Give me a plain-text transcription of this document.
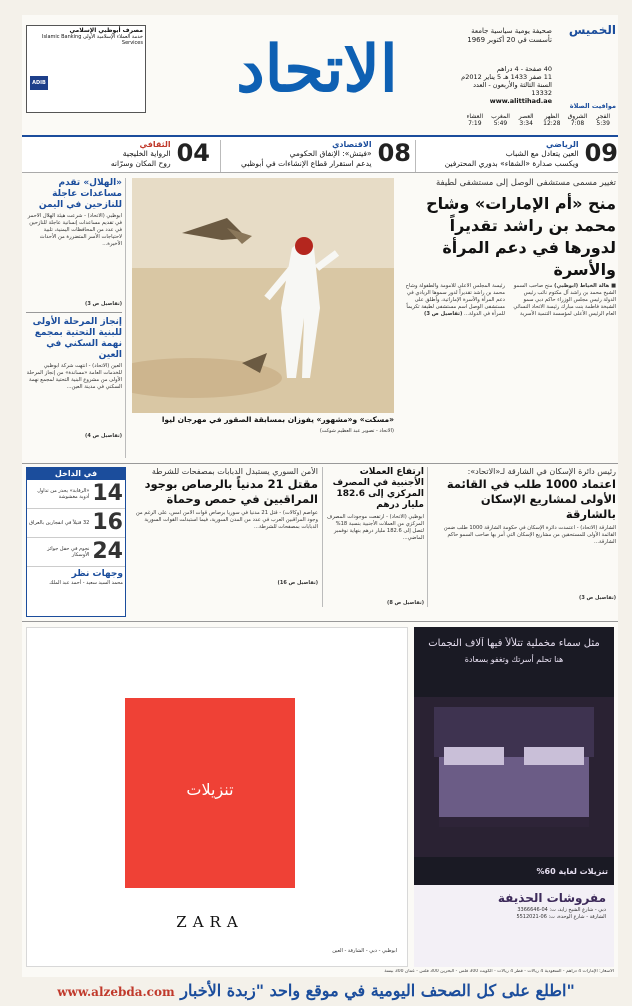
الخميس
صحيفة يومية سياسية جامعة
تأسست في 20 أكتوبر 1969
الاتحاد	40 صفحة - 4 دراهم
11 صفر 1433 هـ 5 يناير 2012م
السنة الثالثة والأربعون - العدد 13332
www.alittihad.ae
مصرف أبوظبي الإسلامي
خدمة العملاء الإسلامية الأولى Islamic Banking Services
ADIB
مواقيت الصلاة
الفجر
5:39
الشروق
7:08
الظهر
12:28
العصر
3:34
المغرب
5:49
العشاء
7:19
09
الرياضي
العين يتعادل مع الشباب
ويكسب صدارة «الشقاء» بدوري المحترفين
08
الاقتصادي
«فيتش»: الإنفاق الحكومي
يدعم استقرار قطاع الإنشاءات في أبوظبي
04
الثقافي
الرواية الخليجية
روح المكان وسرّانه
تغيير مسمى مستشفى الوصل إلى مستشفى لطيفة
منح «أم الإمارات» وشاح محمد بن راشد تقديراً لدورها في دعم المرأة والأسرة
■ هالة الخياط (أبوظبي) منح صاحب السمو الشيخ محمد بن راشد آل مكتوم نائب رئيس الدولة رئيس مجلس الوزراء حاكم دبي سمو الشيخة فاطمة بنت مبارك رئيسة الاتحاد النسائي العام الرئيس الأعلى لمؤسسة التنمية الأسرية رئيسة المجلس الأعلى للأمومة والطفولة وشاح محمد بن راشد تقديراً لدور سموها الريادي في دعم المرأة والأسرة الإماراتية، وأطلق على مستشفى الوصل اسم مستشفى لطيفة تكريماً للمرأة في الدولة... (تفاصيل ص 3)
«مسكت» و«مشهور» يفوزان بمسابقة الصقور في مهرجان ليوا
(الاتحاد - تصوير عبد العظيم شوكت)
«الهلال» تقدم مساعدات عاجلة للنازحين في اليمن
أبوظبي (الاتحاد) - شرعت هيئة الهلال الأحمر في تقديم مساعدات إنسانية عاجلة للنازحين في عدد من المحافظات اليمنية، تلبية لاحتياجات الأسر المتضررة من الأحداث الأخيرة...
(تفاصيل ص 3)
إنجاز المرحلة الأولى للبنية التحتية بمجمع نهمة السكني في العين
العين (الاتحاد) - انتهت شركة أبوظبي للخدمات العامة «مساندة» من إنجاز المرحلة الأولى من مشروع البنية التحتية لمجمع نهمة السكني في مدينة العين...
(تفاصيل ص 4)
رئيس دائرة الإسكان في الشارقة لـ«الاتحاد»:
اعتماد 1000 طلب في القائمة الأولى لمشاريع الإسكان بالشارقة
الشارقة (الاتحاد) - اعتمدت دائرة الإسكان في حكومة الشارقة 1000 طلب ضمن القائمة الأولى للمستحقين من مشاريع الإسكان التي أمر بها صاحب السمو حاكم الشارقة...
(تفاصيل ص 3)
ارتفاع العملات الأجنبية في المصرف المركزي إلى 182.6 مليار درهم
أبوظبي (الاتحاد) - ارتفعت موجودات المصرف المركزي من العملات الأجنبية بنسبة 18% لتصل إلى 182.6 مليار درهم بنهاية نوفمبر الماضي...
(تفاصيل ص 8)
الأمن السوري يستبدل الدبابات بمصفحات للشرطة
مقتل 21 مدنياً بالرصاص بوجود المراقبين في حمص وحماة
عواصم (وكالات) - قتل 21 مدنياً في سوريا برصاص قوات الأمن أمس، على الرغم من وجود المراقبين العرب في عدد من المدن السورية، فيما استبدلت القوات السورية الدبابات بمصفحات للشرطة...
(تفاصيل ص 16)
في الداخل
14
«الرقابة» يحذر من تداول أدوية مغشوشة
16
32 قتيلاً في انفجارين بالعراق
24
نجوم في حفل جوائز الأوسكار
وجهات نظر
محمد السيد سعيد - أحمد عبد الملك
تنزيلات
ZARA
أبوظبي - دبي - الشارقة - العين
مثل سماء مخملية تتلألأ فيها آلاف النجمات
هنا تحلم أسرتك وتغفو بسعادة
تنزيلات لغاية 60%
مفروشات الحذيفة
دبي - شارع الشيخ زايد، ت: 04-3366646
الشارقة - شارع الوحدة، ت: 06-5512021
الأسعار: الإمارات 4 دراهم - السعودية 4 ريالات - قطر 4 ريالات - الكويت 300 فلس - البحرين 300 فلس - عمان 300 بيسة
www.alzebda.com اطلع على كل الصحف اليومية في موقع واحد "زبدة الأخبار"
